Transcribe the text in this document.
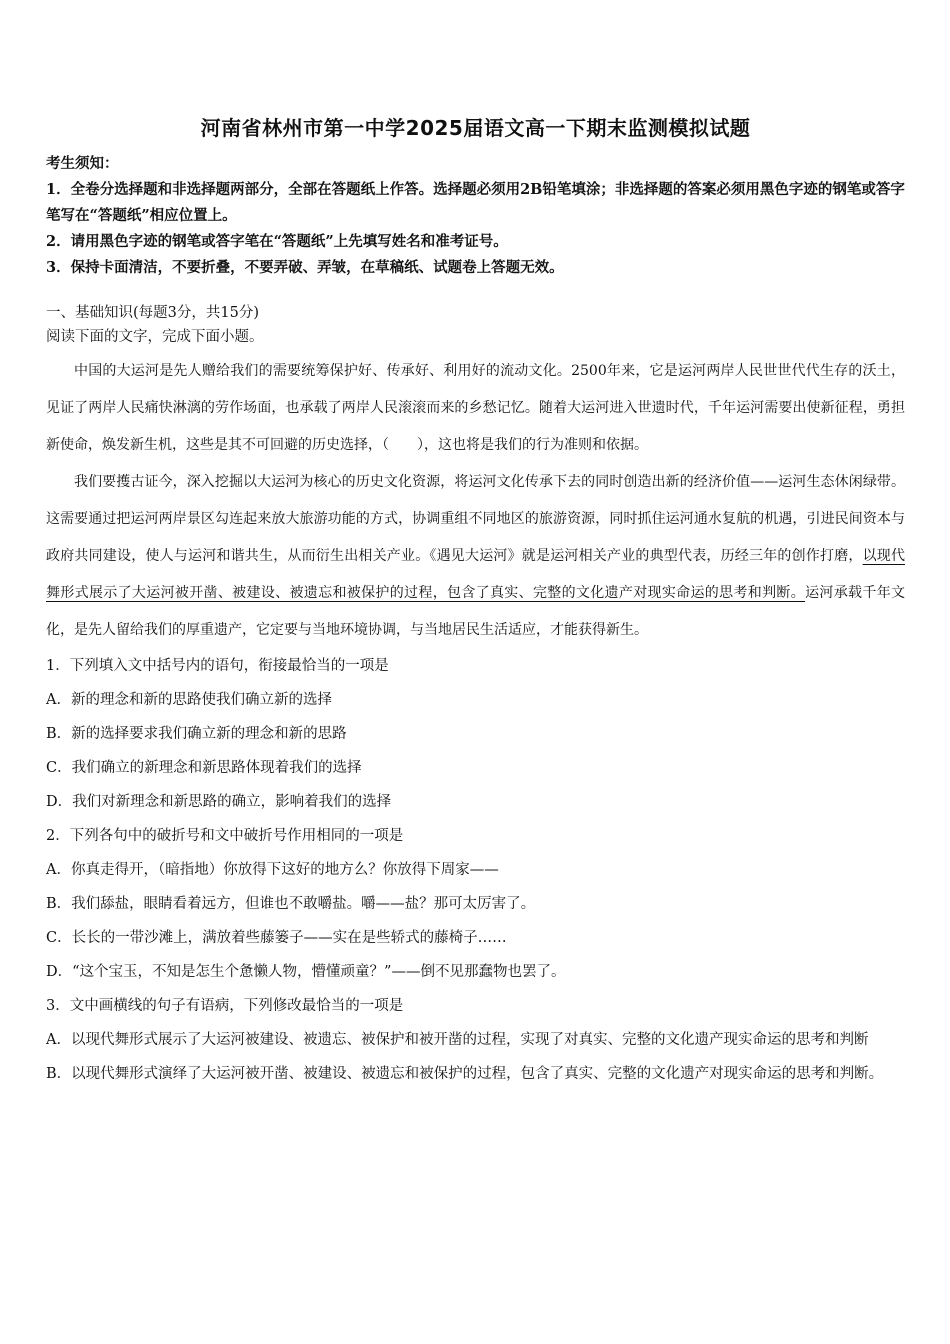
河南省林州市第一中学2025届语文高一下期末监测模拟试题

考生须知：

1．全卷分选择题和非选择题两部分，全部在答题纸上作答。选择题必须用2B铅笔填涂；非选择题的答案必须用黑色字迹的钢笔或答字笔写在“答题纸”相应位置上。

2．请用黑色字迹的钢笔或答字笔在“答题纸”上先填写姓名和准考证号。

3．保持卡面清洁，不要折叠，不要弄破、弄皱，在草稿纸、试题卷上答题无效。

一、基础知识(每题3分，共15分)
阅读下面的文字，完成下面小题。

中国的大运河是先人赠给我们的需要统筹保护好、传承好、利用好的流动文化。2500年来，它是运河两岸人民世世代代生存的沃土，见证了两岸人民痛快淋漓的劳作场面，也承载了两岸人民滚滚而来的乡愁记忆。随着大运河进入世遗时代，千年运河需要出使新征程，勇担新使命，焕发新生机，这些是其不可回避的历史选择，（　　），这也将是我们的行为准则和依据。

我们要擭古证今，深入挖掘以大运河为核心的历史文化资源，将运河文化传承下去的同时创造出新的经济价值——运河生态休闲绿带。这需要通过把运河两岸景区勾连起来放大旅游功能的方式，协调重组不同地区的旅游资源，同时抓住运河通水复航的机遇，引进民间资本与政府共同建设，使人与运河和谐共生，从而衍生出相关产业。《遇见大运河》就是运河相关产业的典型代表，历经三年的创作打磨，以现代舞形式展示了大运河被开凿、被建设、被遗忘和被保护的过程，包含了真实、完整的文化遗产对现实命运的思考和判断。运河承载千年文化，是先人留给我们的厚重遗产，它定要与当地环境协调，与当地居民生活适应，才能获得新生。

1．下列填入文中括号内的语句，衔接最恰当的一项是

A．新的理念和新的思路使我们确立新的选择

B．新的选择要求我们确立新的理念和新的思路

C．我们确立的新理念和新思路体现着我们的选择

D．我们对新理念和新思路的确立，影响着我们的选择

2．下列各句中的破折号和文中破折号作用相同的一项是

A．你真走得开，（暗指地）你放得下这好的地方么？你放得下周家——

B．我们舔盐，眼睛看着远方，但谁也不敢嚼盐。嚼——盐？那可太厉害了。

C．长长的一带沙滩上，满放着些藤篓子——实在是些轿式的藤椅子……

D．“这个宝玉，不知是怎生个惫懒人物，懵懂顽童？”——倒不见那蠢物也罢了。

3．文中画横线的句子有语病，下列修改最恰当的一项是

A．以现代舞形式展示了大运河被建设、被遗忘、被保护和被开凿的过程，实现了对真实、完整的文化遗产现实命运的思考和判断

B．以现代舞形式演绎了大运河被开凿、被建设、被遗忘和被保护的过程，包含了真实、完整的文化遗产对现实命运的思考和判断。
